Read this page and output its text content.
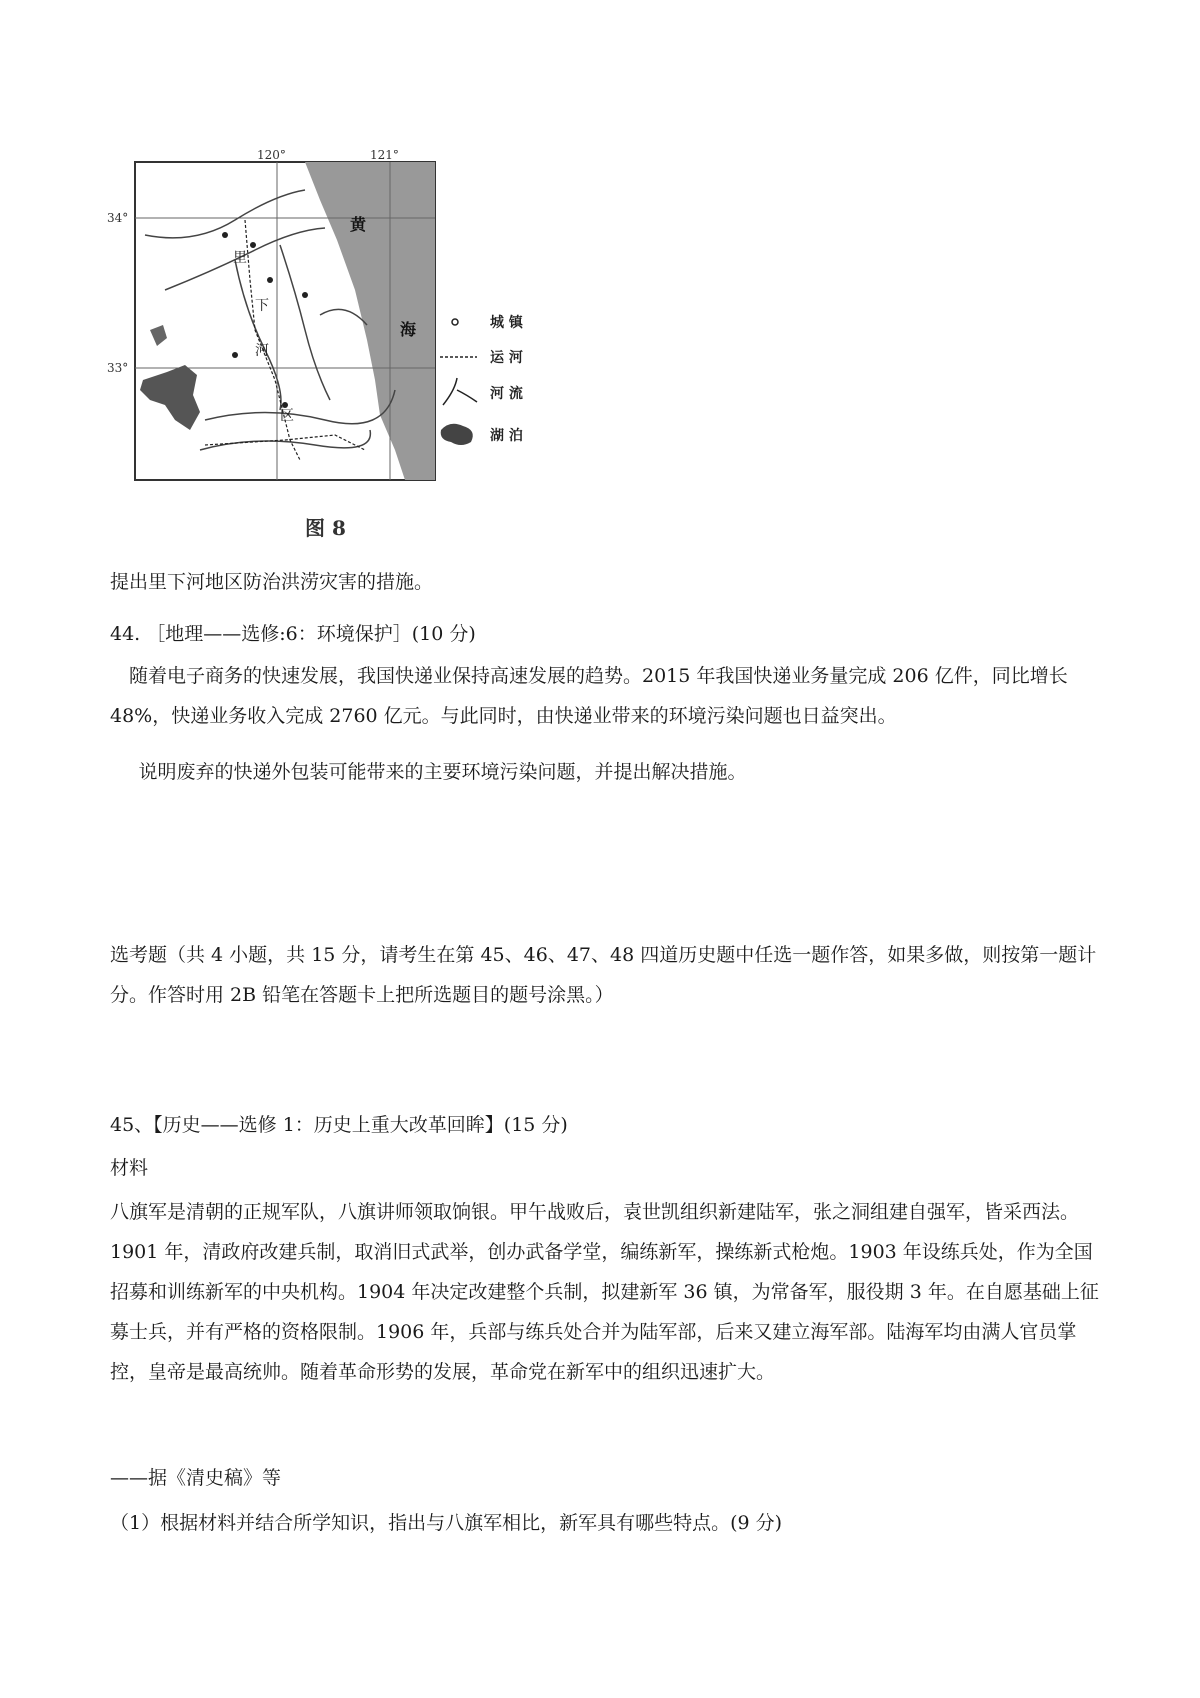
120°	121°
34°
33°
黄
海
里
下
河
区
城 镇
运 河
河 流
湖 泊
图 8

提出里下河地区防治洪涝灾害的措施。

44. ［地理——选修:6：环境保护］(10 分)

随着电子商务的快速发展，我国快递业保持高速发展的趋势。2015 年我国快递业务量完成 206 亿件，同比增长 48%，快递业务收入完成 2760 亿元。与此同时，由快递业带来的环境污染问题也日益突出。

说明废弃的快递外包装可能带来的主要环境污染问题，并提出解决措施。

选考题（共 4 小题，共 15 分，请考生在第 45、46、47、48 四道历史题中任选一题作答，如果多做，则按第一题计分。作答时用 2B 铅笔在答题卡上把所选题目的题号涂黑。）

45、【历史——选修 1：历史上重大改革回眸】(15 分)

材料

八旗军是清朝的正规军队，八旗讲师领取饷银。甲午战败后，袁世凯组织新建陆军，张之洞组建自强军，皆采西法。1901 年，清政府改建兵制，取消旧式武举，创办武备学堂，编练新军，操练新式枪炮。1903 年设练兵处，作为全国招募和训练新军的中央机构。1904 年决定改建整个兵制，拟建新军 36 镇，为常备军，服役期 3 年。在自愿基础上征募士兵，并有严格的资格限制。1906 年，兵部与练兵处合并为陆军部，后来又建立海军部。陆海军均由满人官员掌控，皇帝是最高统帅。随着革命形势的发展，革命党在新军中的组织迅速扩大。

——据《清史稿》等

（1）根据材料并结合所学知识，指出与八旗军相比，新军具有哪些特点。(9 分)
